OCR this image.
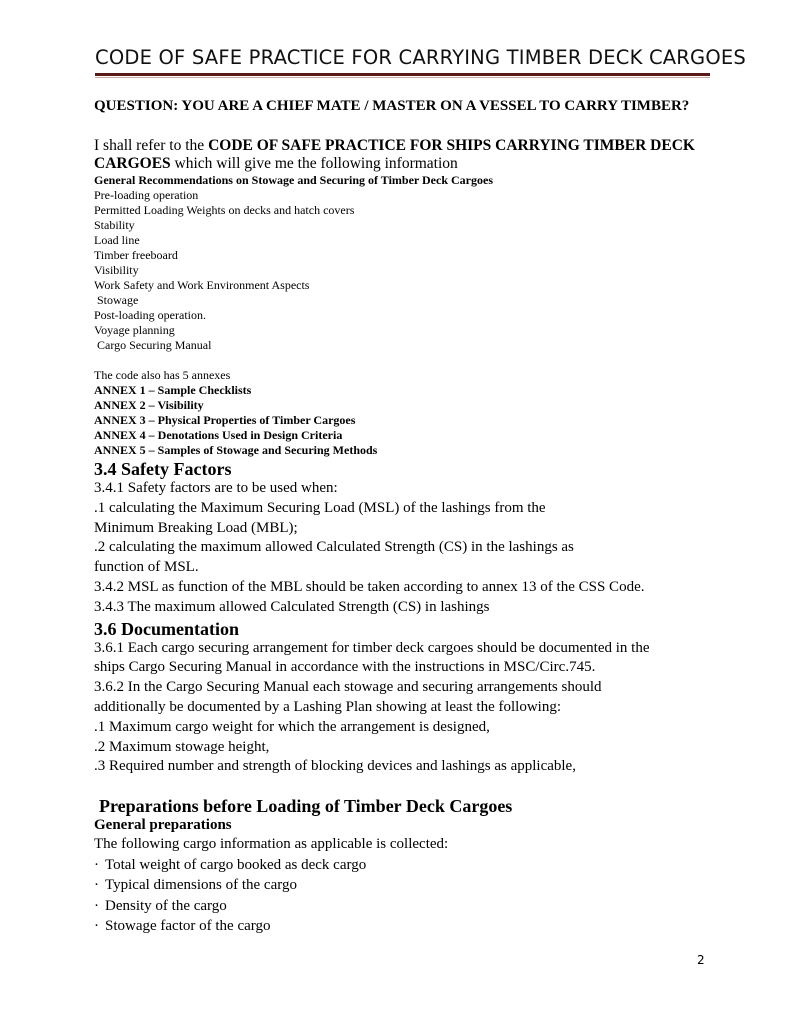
CODE OF SAFE PRACTICE FOR CARRYING TIMBER DECK CARGOES

QUESTION: YOU ARE A CHIEF MATE / MASTER ON A VESSEL TO CARRY TIMBER?

I shall refer to the CODE OF SAFE PRACTICE FOR SHIPS CARRYING TIMBER DECK CARGOES which will give me the following information

General Recommendations on Stowage and Securing of Timber Deck Cargoes

Pre-loading operation
Permitted Loading Weights on decks and hatch covers
Stability
Load line
Timber freeboard
Visibility
Work Safety and Work Environment Aspects
Stowage
Post-loading operation.
Voyage planning
Cargo Securing Manual

The code also has 5 annexes

ANNEX 1 – Sample Checklists
ANNEX 2 – Visibility
ANNEX 3 – Physical Properties of Timber Cargoes
ANNEX 4 – Denotations Used in Design Criteria
ANNEX 5 – Samples of Stowage and Securing Methods
3.4 Safety Factors

3.4.1 Safety factors are to be used when:

.1 calculating the Maximum Securing Load (MSL) of the lashings from the

Minimum Breaking Load (MBL);

.2 calculating the maximum allowed Calculated Strength (CS) in the lashings as

function of MSL.

3.4.2 MSL as function of the MBL should be taken according to annex 13 of the CSS Code.

3.4.3 The maximum allowed Calculated Strength (CS) in lashings

3.6 Documentation

3.6.1 Each cargo securing arrangement for timber deck cargoes should be documented in the

ships Cargo Securing Manual in accordance with the instructions in MSC/Circ.745.

3.6.2 In the Cargo Securing Manual each stowage and securing arrangements should

additionally be documented by a Lashing Plan showing at least the following:

.1 Maximum cargo weight for which the arrangement is designed,

.2 Maximum stowage height,

.3 Required number and strength of blocking devices and lashings as applicable,

Preparations before Loading of Timber Deck Cargoes

General preparations

The following cargo information as applicable is collected:

· Total weight of cargo booked as deck cargo
· Typical dimensions of the cargo
· Density of the cargo
· Stowage factor of the cargo
2
